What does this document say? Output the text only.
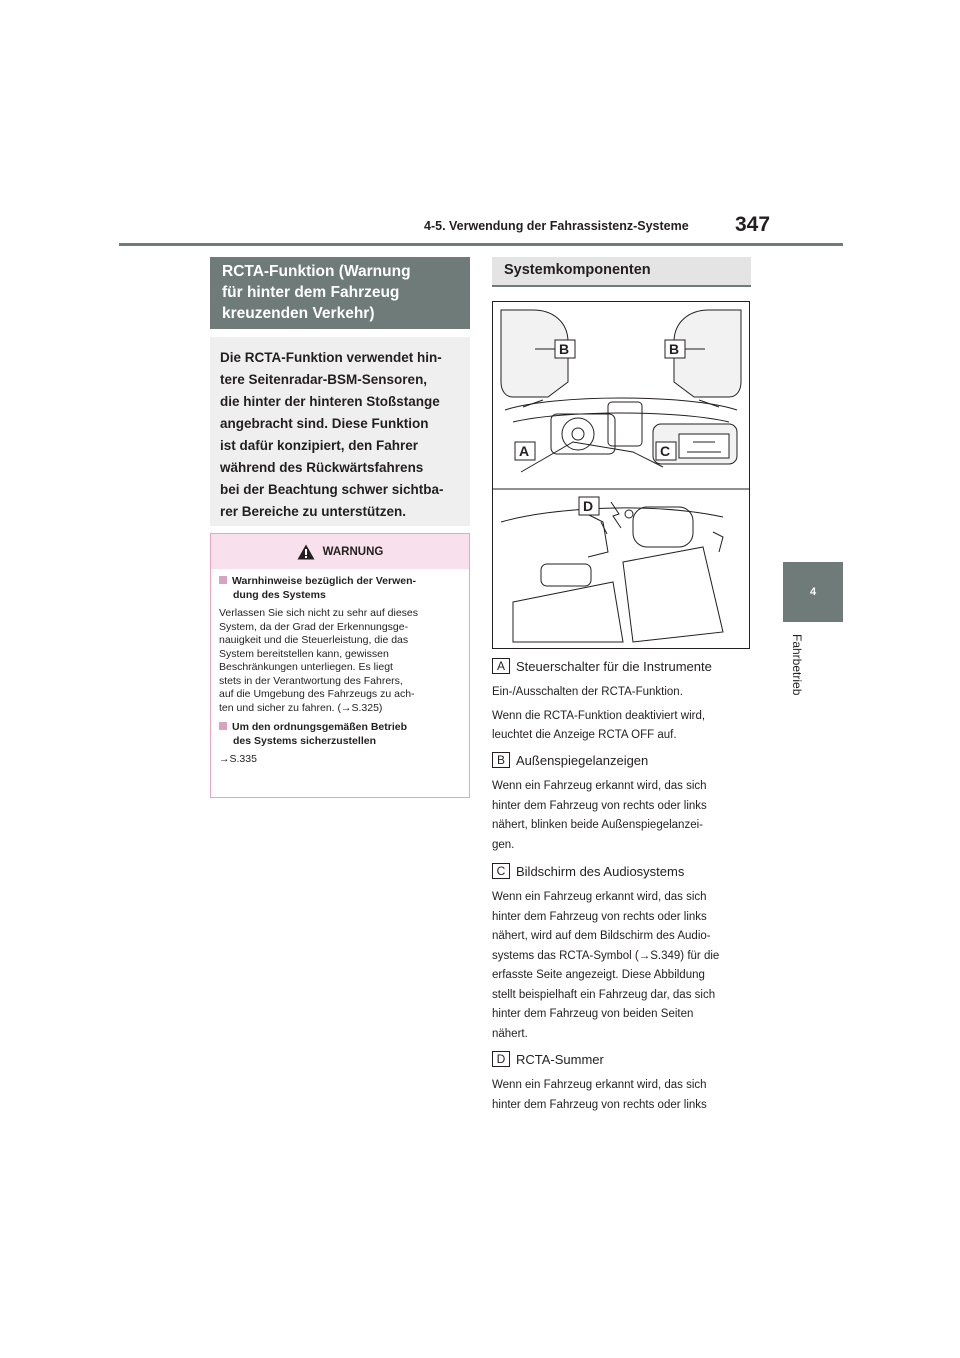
4-5. Verwendung der Fahrassistenz-Systeme 347
4
Fahrbetrieb
RCTA-Funktion (Warnung
für hinter dem Fahrzeug
kreuzenden Verkehr)
Die RCTA-Funktion verwendet hin-
tere Seitenradar-BSM-Sensoren,
die hinter der hinteren Stoßstange
angebracht sind. Diese Funktion
ist dafür konzipiert, den Fahrer
während des Rückwärtsfahrens
bei der Beachtung schwer sichtba-
rer Bereiche zu unterstützen.
WARNUNG
Warnhinweise bezüglich der Verwen-
dung des Systems
Verlassen Sie sich nicht zu sehr auf dieses
System, da der Grad der Erkennungsge-
nauigkeit und die Steuerleistung, die das
System bereitstellen kann, gewissen
Beschränkungen unterliegen. Es liegt
stets in der Verantwortung des Fahrers,
auf die Umgebung des Fahrzeugs zu ach-
ten und sicher zu fahren. (→S.325)
Um den ordnungsgemäßen Betrieb
des Systems sicherzustellen
→S.335
Systemkomponenten
B	B
A	C
D
A Steuerschalter für die Instrumente

Ein-/Ausschalten der RCTA-Funktion.

Wenn die RCTA-Funktion deaktiviert wird,
leuchtet die Anzeige RCTA OFF auf.

B Außenspiegelanzeigen

Wenn ein Fahrzeug erkannt wird, das sich
hinter dem Fahrzeug von rechts oder links
nähert, blinken beide Außenspiegelanzei-
gen.

C Bildschirm des Audiosystems

Wenn ein Fahrzeug erkannt wird, das sich
hinter dem Fahrzeug von rechts oder links
nähert, wird auf dem Bildschirm des Audio-
systems das RCTA-Symbol (→S.349) für die
erfasste Seite angezeigt. Diese Abbildung
stellt beispielhaft ein Fahrzeug dar, das sich
hinter dem Fahrzeug von beiden Seiten
nähert.

D RCTA-Summer

Wenn ein Fahrzeug erkannt wird, das sich
hinter dem Fahrzeug von rechts oder links
